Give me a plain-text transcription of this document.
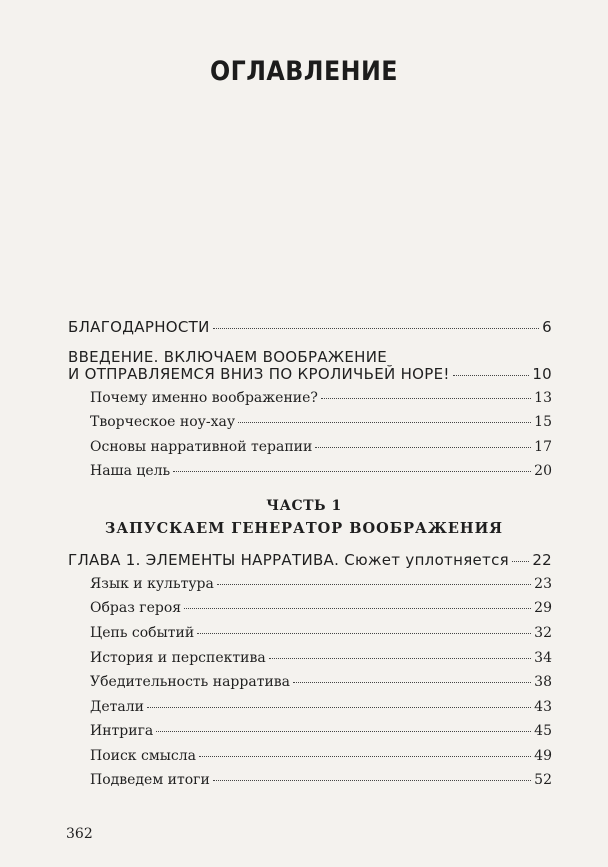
ОГЛАВЛЕНИЕ
БЛАГОДАРНОСТИ	6
ВВЕДЕНИЕ. ВКЛЮЧАЕМ ВООБРАЖЕНИЕ
И ОТПРАВЛЯЕМСЯ ВНИЗ ПО КРОЛИЧЬЕЙ НОРЕ!	10
Почему именно воображение?	13
Творческое ноу-хау	15
Основы нарративной терапии	17
Наша цель	20
ЧАСТЬ 1
ЗАПУСКАЕМ ГЕНЕРАТОР ВООБРАЖЕНИЯ
ГЛАВА 1. ЭЛЕМЕНТЫ НАРРАТИВА. Сюжет уплотняется 22
Язык и культура	23
Образ героя	29
Цепь событий	32
История и перспектива	34
Убедительность нарратива	38
Детали	43
Интрига	45
Поиск смысла	49
Подведем итоги	52
362
